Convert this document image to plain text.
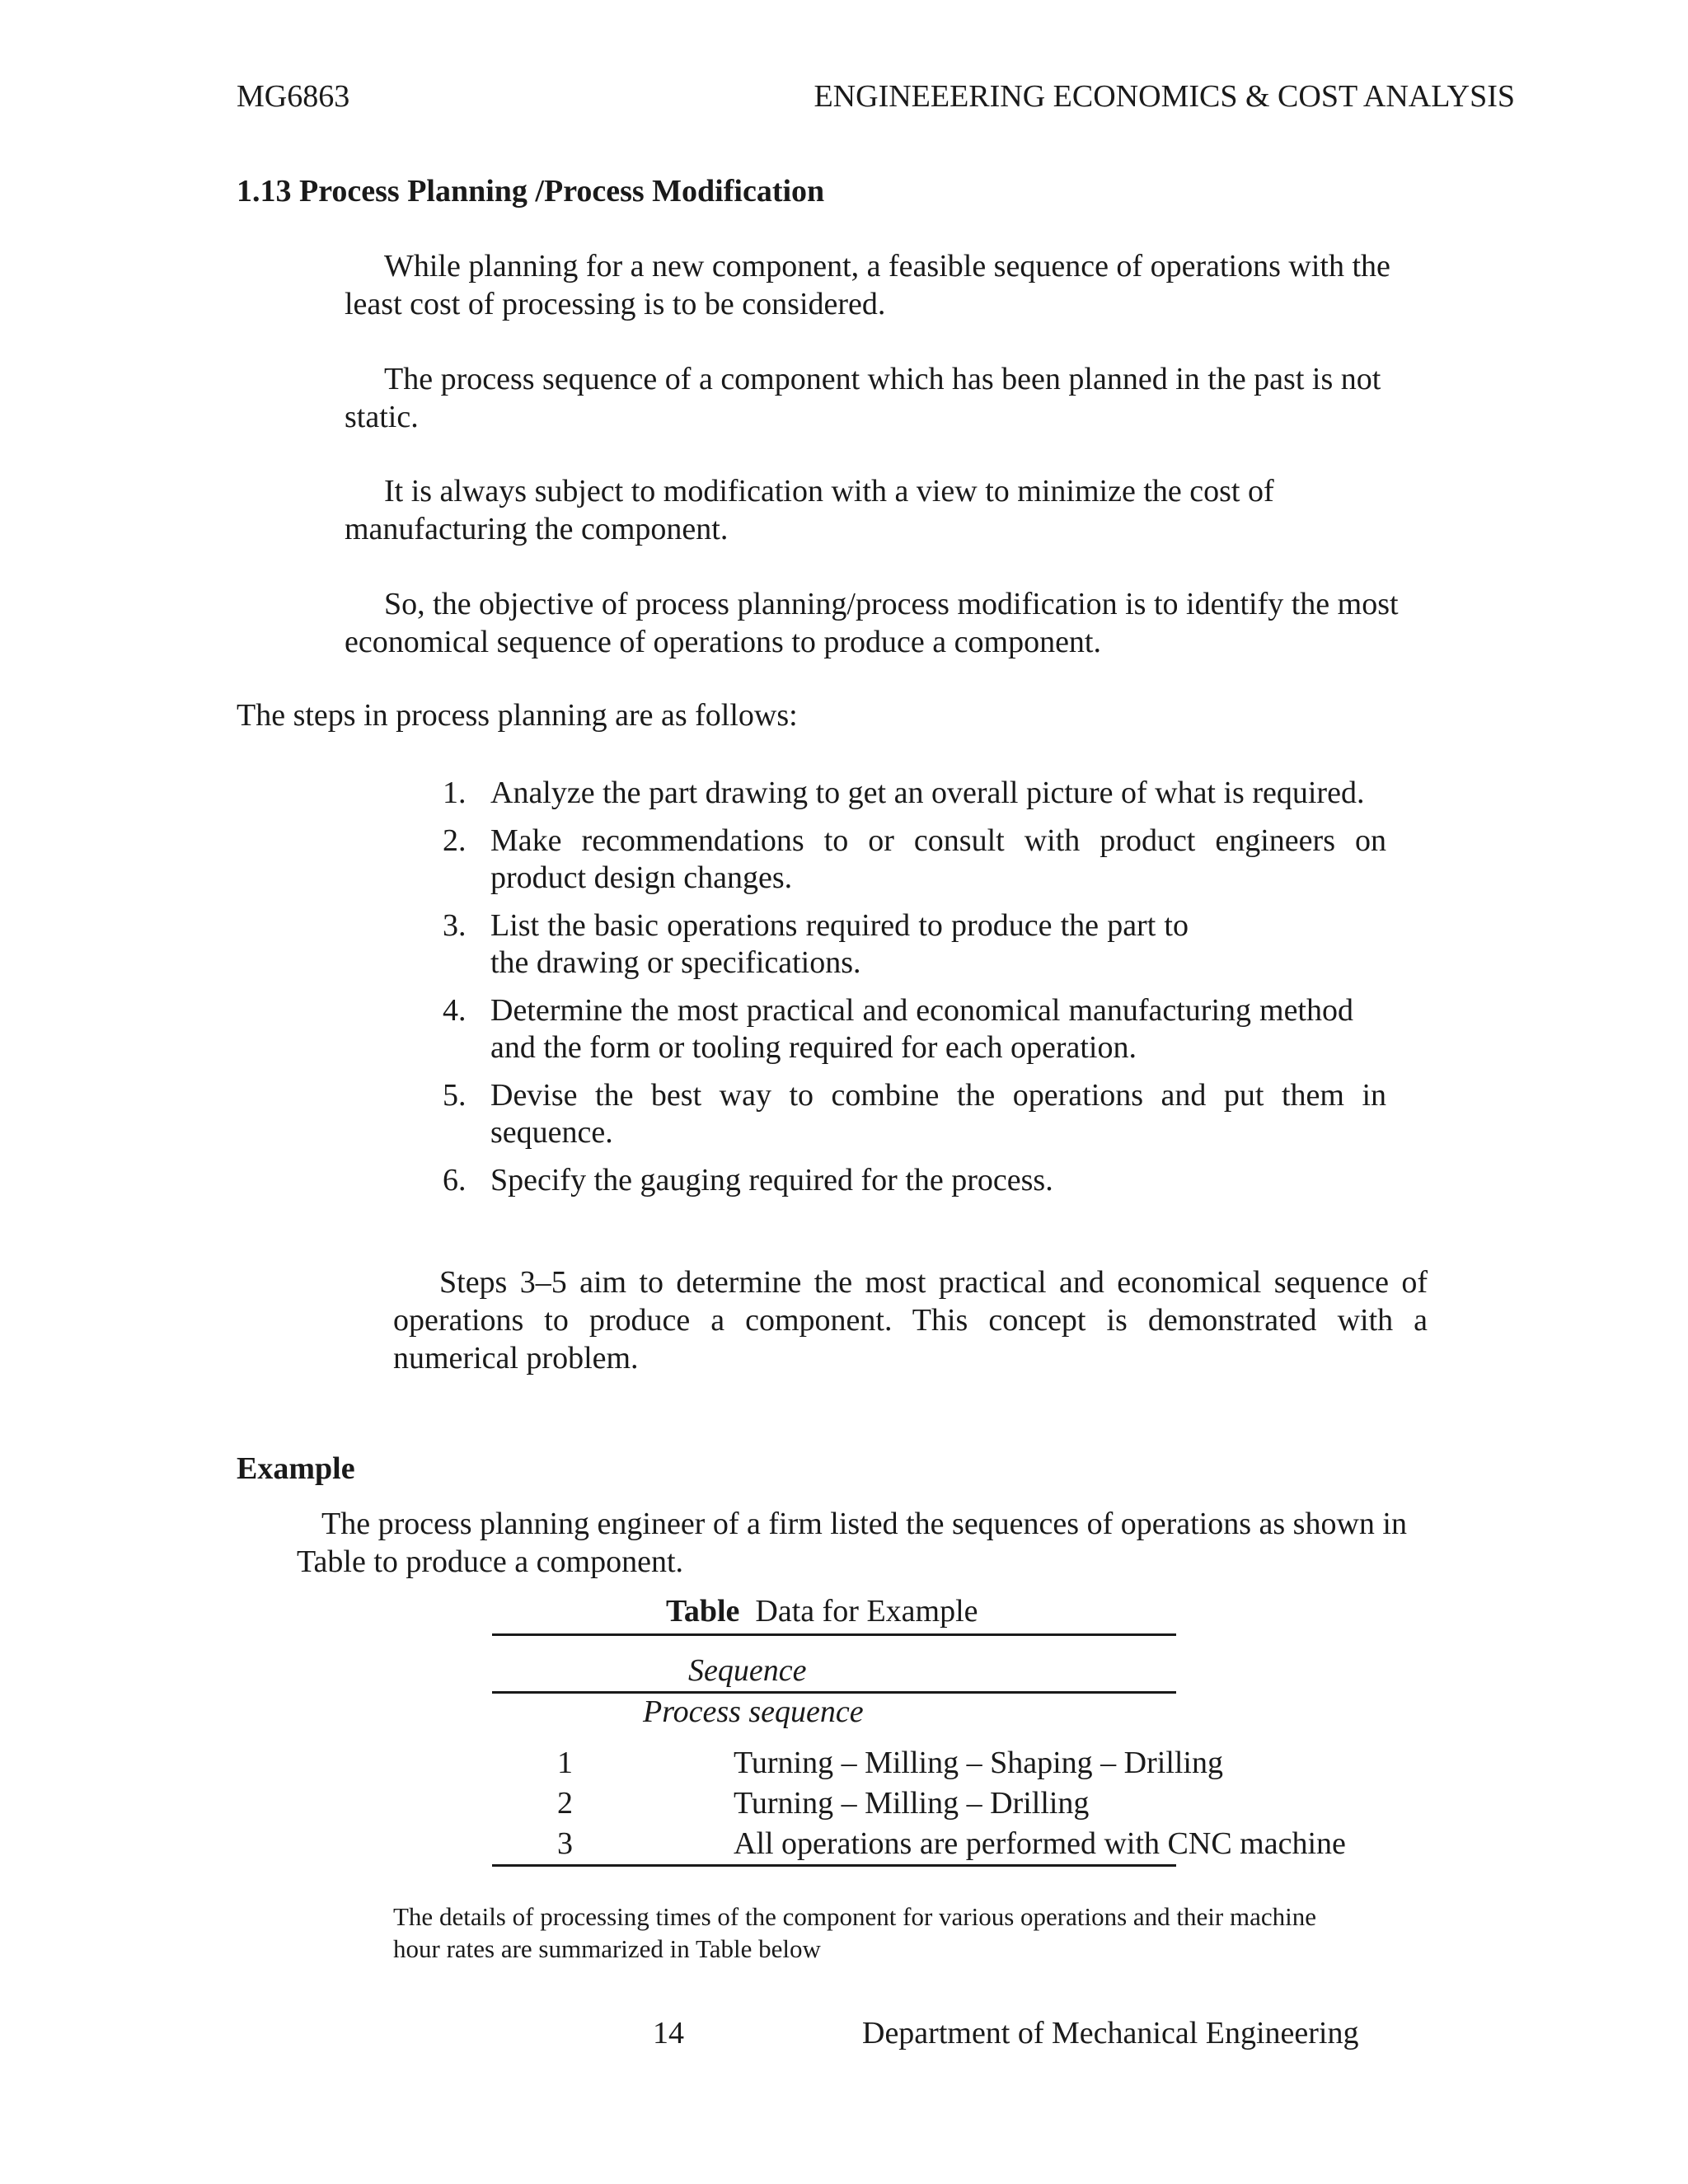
MG6863	ENGINEEERING ECONOMICS & COST ANALYSIS
1.13 Process Planning /Process Modification
While planning for a new component, a feasible sequence of operations with the least cost of processing is to be considered.
The process sequence of a component which has been planned in the past is not static.
It is always subject to modification with a view to minimize the cost of manufacturing the component.
So, the objective of process planning/process modification is to identify the most economical sequence of operations to produce a component.
The steps in process planning are as follows:
1. Analyze the part drawing to get an overall picture of what is required.
2. Make recommendations to or consult with product engineers on product design changes.
3. List the basic operations required to produce the part to the drawing or specifications.
4. Determine the most practical and economical manufacturing method and the form or tooling required for each operation.
5. Devise the best way to combine the operations and put them in sequence.
6. Specify the gauging required for the process.
Steps 3–5 aim to determine the most practical and economical sequence of operations to produce a component. This concept is demonstrated with a numerical problem.
Example
The process planning engineer of a firm listed the sequences of operations as shown in Table to produce a component.
Table Data for Example
Sequence
Process sequence
1	Turning – Milling – Shaping – Drilling
2	Turning – Milling – Drilling
3	All operations are performed with CNC machine
The details of processing times of the component for various operations and their machine hour rates are summarized in Table below
14	Department of Mechanical Engineering
